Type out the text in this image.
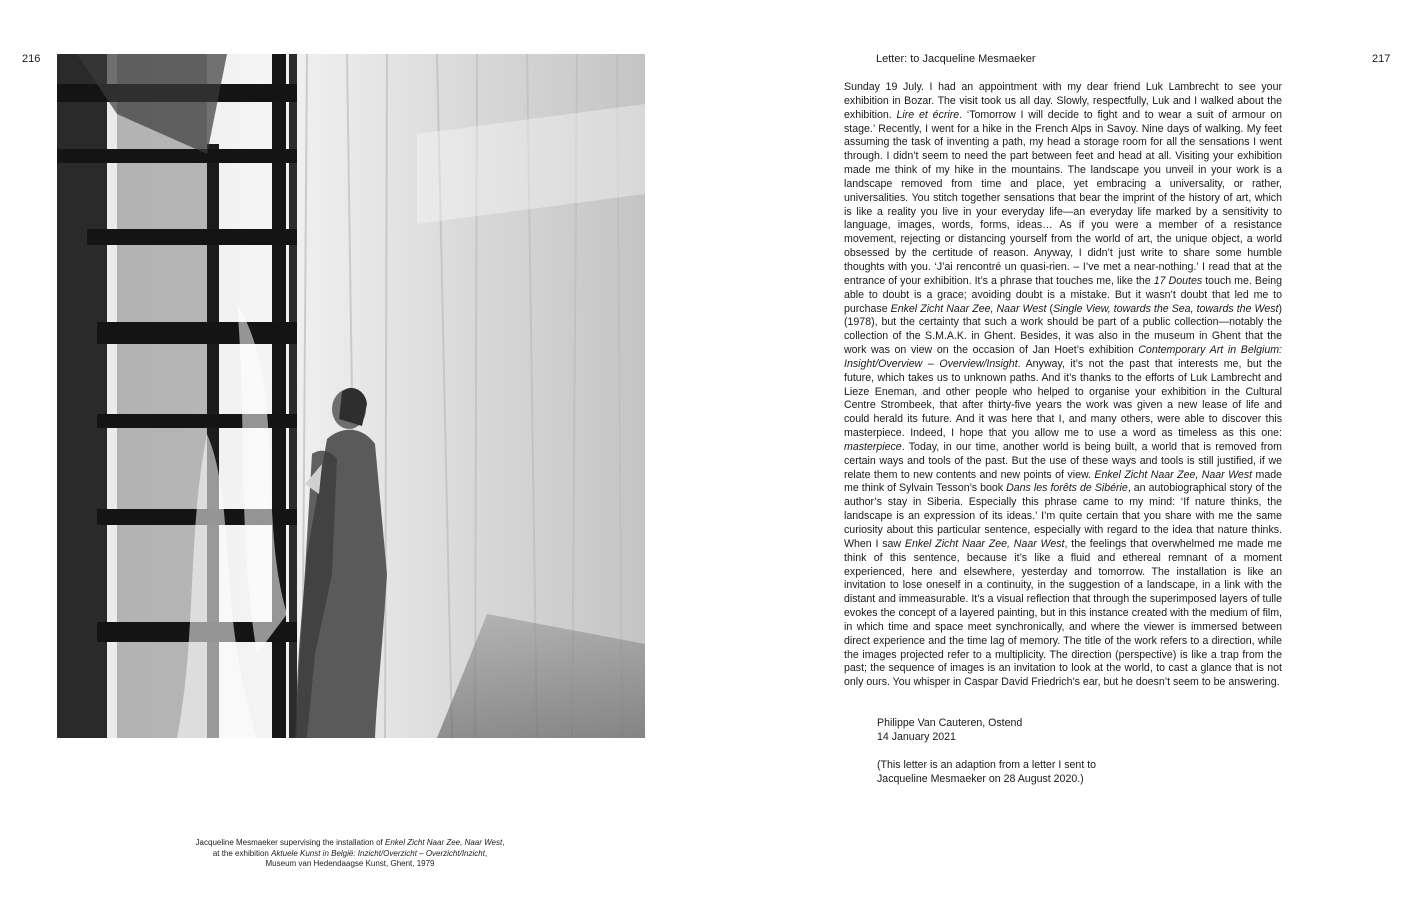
216	217

Jacqueline Mesmaeker supervising the installation of Enkel Zicht Naar Zee, Naar West,

at the exhibition Aktuele Kunst in België: Inzicht/Overzicht – Overzicht/Inzicht,

Museum van Hedendaagse Kunst, Ghent, 1979

Letter: to Jacqueline Mesmaeker

Sunday 19 July. I had an appointment with my dear friend Luk Lambrecht to see your exhibition in Bozar. The visit took us all day. Slowly, respectfully, Luk and I walked about the exhibition. Lire et écrire. ‘Tomorrow I will decide to fight and to wear a suit of armour on stage.’ Recently, I went for a hike in the French Alps in Savoy. Nine days of walking. My feet assuming the task of inventing a path, my head a storage room for all the sensations I went through. I didn’t seem to need the part between feet and head at all. Visiting your exhibition made me think of my hike in the mountains. The landscape you unveil in your work is a landscape removed from time and place, yet embracing a universality, or rather, universalities. You stitch together sensations that bear the imprint of the history of art, which is like a reality you live in your everyday life—an everyday life marked by a sensitivity to language, images, words, forms, ideas… As if you were a member of a resistance movement, rejecting or distancing yourself from the world of art, the unique object, a world obsessed by the certitude of reason. Anyway, I didn’t just write to share some humble thoughts with you. ‘J’ai rencontré un quasi-rien. – I’ve met a near-nothing.’ I read that at the entrance of your exhibition. It’s a phrase that touches me, like the 17 Doutes touch me. Being able to doubt is a grace; avoiding doubt is a mistake. But it wasn’t doubt that led me to purchase Enkel Zicht Naar Zee, Naar West (Single View, towards the Sea, towards the West) (1978), but the certainty that such a work should be part of a public collection—notably the collection of the S.M.A.K. in Ghent. Besides, it was also in the museum in Ghent that the work was on view on the occasion of Jan Hoet’s exhibition Contemporary Art in Belgium: Insight/Overview – Overview/Insight. Anyway, it’s not the past that interests me, but the future, which takes us to unknown paths. And it’s thanks to the efforts of Luk Lambrecht and Lieze Eneman, and other people who helped to organise your exhibition in the Cultural Centre Strombeek, that after thirty-five years the work was given a new lease of life and could herald its future. And it was here that I, and many others, were able to discover this masterpiece. Indeed, I hope that you allow me to use a word as timeless as this one: masterpiece. Today, in our time, another world is being built, a world that is removed from certain ways and tools of the past. But the use of these ways and tools is still justified, if we relate them to new contents and new points of view. Enkel Zicht Naar Zee, Naar West made me think of Sylvain Tesson’s book Dans les forêts de Sibérie, an autobiographical story of the author’s stay in Siberia. Especially this phrase came to my mind: ‘If nature thinks, the landscape is an expression of its ideas.’ I’m quite certain that you share with me the same curiosity about this particular sentence, especially with regard to the idea that nature thinks. When I saw Enkel Zicht Naar Zee, Naar West, the feelings that overwhelmed me made me think of this sentence, because it’s like a fluid and ethereal remnant of a moment experienced, here and elsewhere, yesterday and tomorrow. The installation is like an invitation to lose oneself in a continuity, in the suggestion of a landscape, in a link with the distant and immeasurable. It’s a visual reflection that through the superimposed layers of tulle evokes the concept of a layered painting, but in this instance created with the medium of film, in which time and space meet synchronically, and where the viewer is immersed between direct experience and the time lag of memory. The title of the work refers to a direction, while the images projected refer to a multiplicity. The direction (perspective) is like a trap from the past; the sequence of images is an invitation to look at the world, to cast a glance that is not only ours. You whisper in Caspar David Friedrich’s ear, but he doesn’t seem to be answering.

Philippe Van Cauteren, Ostend

14 January 2021

(This letter is an adaption from a letter I sent to

Jacqueline Mesmaeker on 28 August 2020.)
